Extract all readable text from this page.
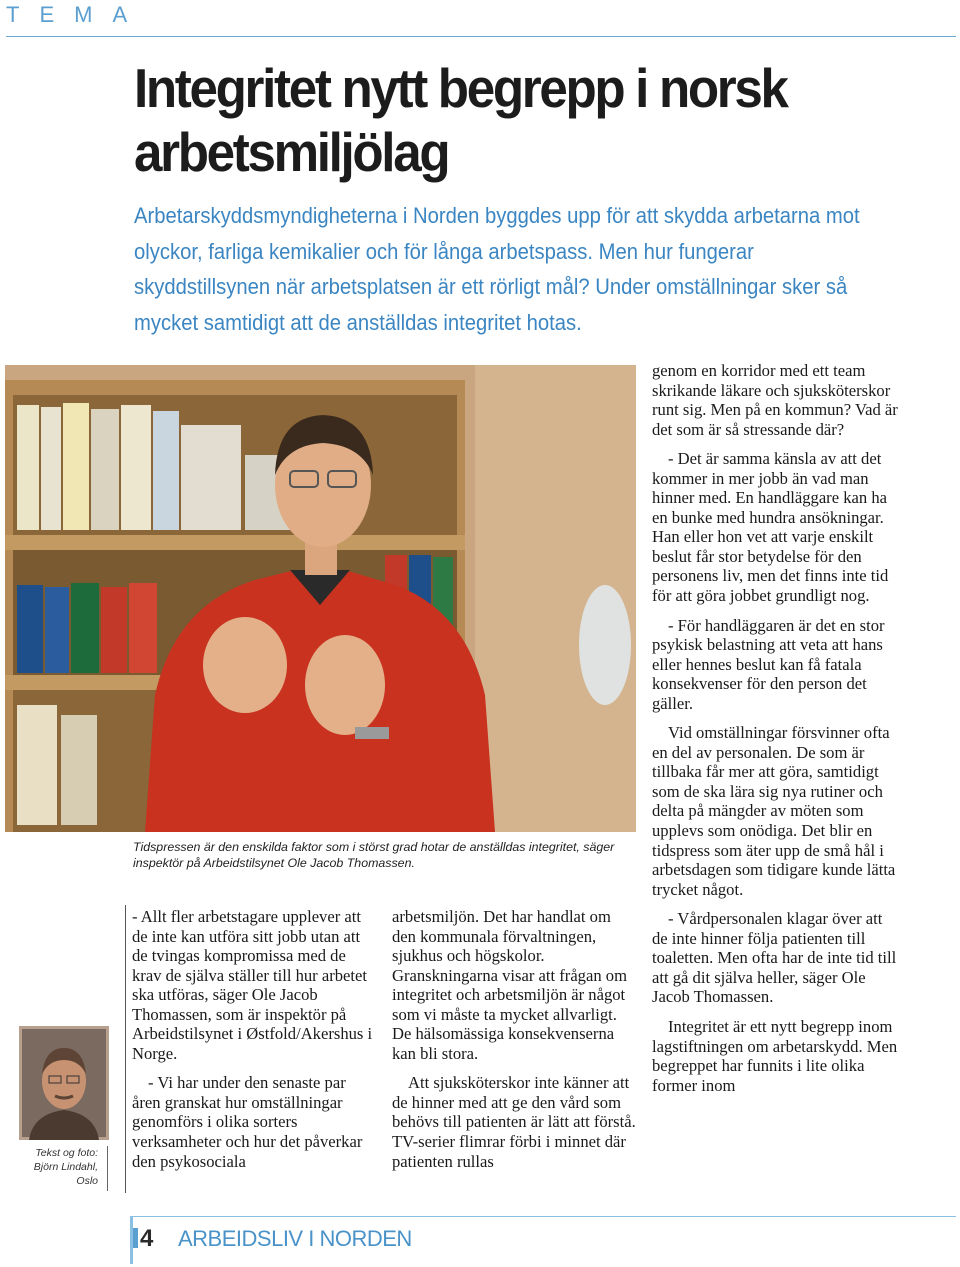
TEMA
Integritet nytt begrepp i norsk arbetsmiljölag
Arbetarskyddsmyndigheterna i Norden byggdes upp för att skydda arbetarna mot olyckor, farliga kemikalier och för långa arbetspass. Men hur fungerar skyddstillsynen när arbetsplatsen är ett rörligt mål? Under omställningar sker så mycket samtidigt att de anställdas integritet hotas.
Tidspressen är den enskilda faktor som i störst grad hotar de anställdas integritet, säger inspektör på Arbeidstilsynet Ole Jacob Thomassen.

- Allt fler arbetstagare upplever att de inte kan utföra sitt jobb utan att de tvingas kompromissa med de krav de själva ställer till hur arbetet ska utföras, säger Ole Jacob Thomassen, som är inspektör på Arbeidstilsynet i Østfold/Akershus i Norge.

- Vi har under den senaste par åren granskat hur omställningar genomförs i olika sorters verksamheter och hur det påverkar den psykosociala

arbetsmiljön. Det har handlat om den kommunala förvaltningen, sjukhus och högskolor. Granskningarna visar att frågan om integritet och arbetsmiljön är något som vi måste ta mycket allvarligt. De hälsomässiga konsekvenserna kan bli stora.

Att sjuksköterskor inte känner att de hinner med att ge den vård som behövs till patienten är lätt att förstå. TV-serier flimrar förbi i minnet där patienten rullas

genom en korridor med ett team skrikande läkare och sjuksköterskor runt sig. Men på en kommun? Vad är det som är så stressande där?

- Det är samma känsla av att det kommer in mer jobb än vad man hinner med. En handläggare kan ha en bunke med hundra ansökningar. Han eller hon vet att varje enskilt beslut får stor betydelse för den personens liv, men det finns inte tid för att göra jobbet grundligt nog.

- För handläggaren är det en stor psykisk belastning att veta att hans eller hennes beslut kan få fatala konsekvenser för den person det gäller.

Vid omställningar försvinner ofta en del av personalen. De som är tillbaka får mer att göra, samtidigt som de ska lära sig nya rutiner och delta på mängder av möten som upplevs som onödiga. Det blir en tidspress som äter upp de små hål i arbetsdagen som tidigare kunde lätta trycket något.

- Vårdpersonalen klagar över att de inte hinner följa patienten till toaletten. Men ofta har de inte tid till att gå dit själva heller, säger Ole Jacob Thomassen.

Integritet är ett nytt begrepp inom lagstiftningen om arbetarskydd. Men begreppet har funnits i lite olika former inom

Tekst og foto:
Björn Lindahl,
Oslo
4 ARBEIDSLIV I NORDEN
